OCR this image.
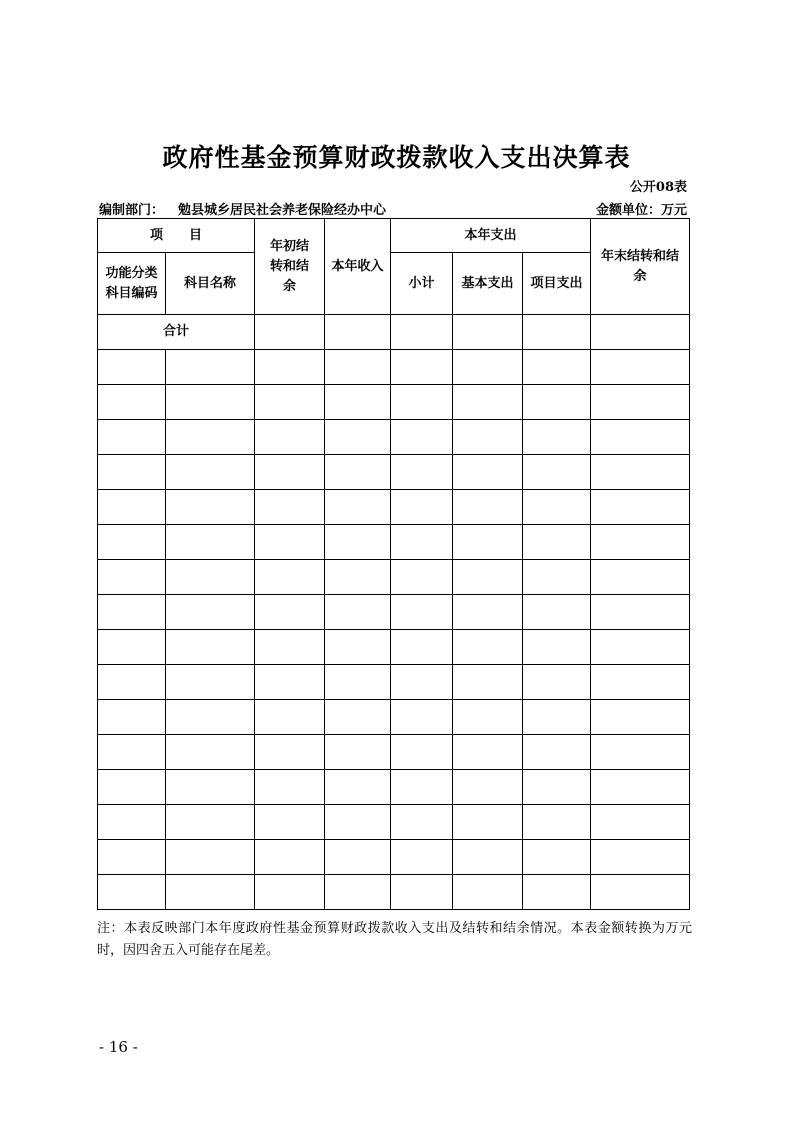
政府性基金预算财政拨款收入支出决算表
公开08表
编制部门： 勉县城乡居民社会养老保险经办中心	金额单位：万元
项　　目		年初结转和结余	本年收入	本年支出			年末结转和结余
功能分类科目编码	科目名称			小计	基本支出	项目支出	
合计							

注：本表反映部门本年度政府性基金预算财政拨款收入支出及结转和结余情况。本表金额转换为万元时，因四舍五入可能存在尾差。
- 16 -
